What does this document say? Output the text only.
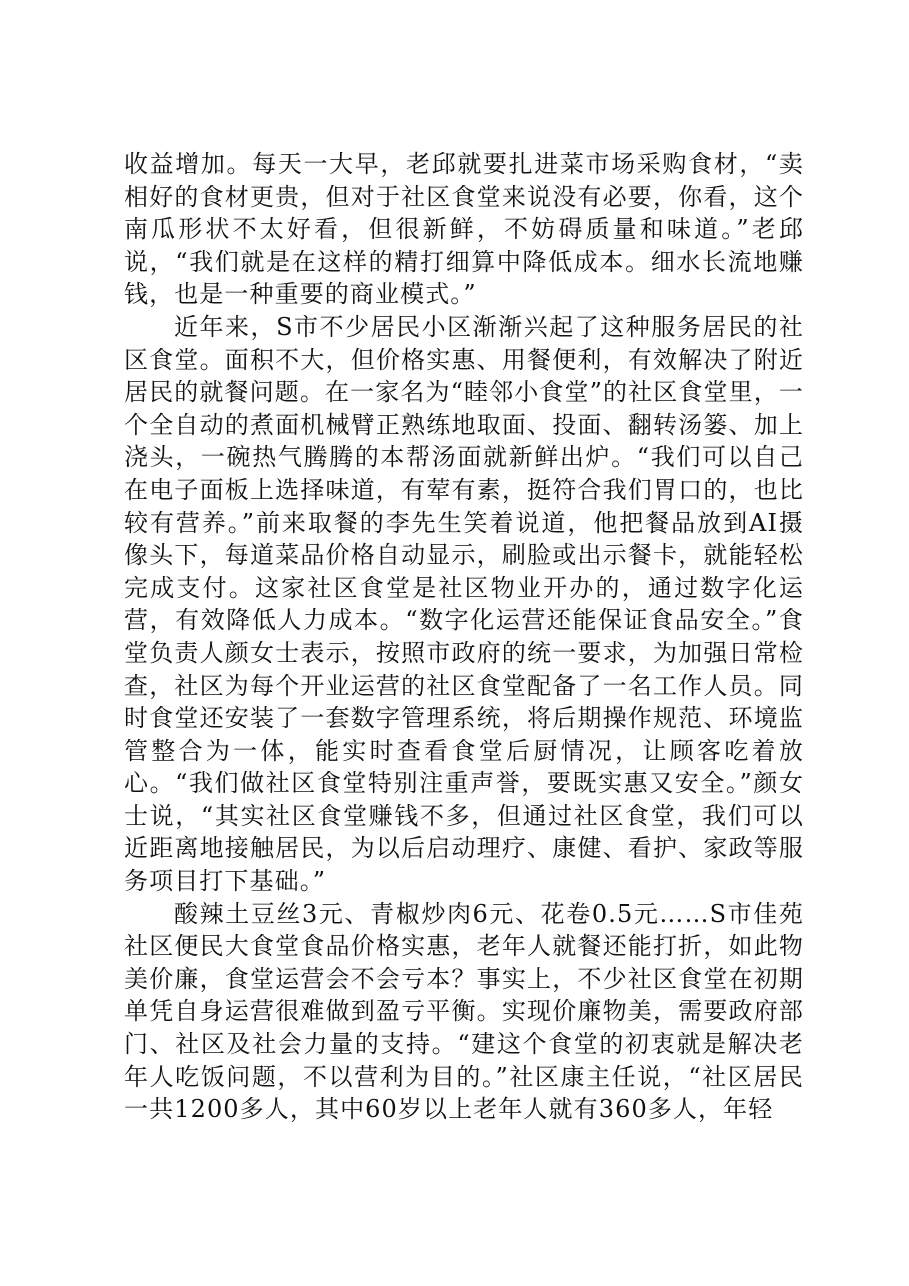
收益增加。每天一大早，老邱就要扎进菜市场采购食材，“卖相好的食材更贵，但对于社区食堂来说没有必要，你看，这个南瓜形状不太好看，但很新鲜，不妨碍质量和味道。”老邱说，“我们就是在这样的精打细算中降低成本。细水长流地赚钱，也是一种重要的商业模式。”

近年来，S市不少居民小区渐渐兴起了这种服务居民的社区食堂。面积不大，但价格实惠、用餐便利，有效解决了附近居民的就餐问题。在一家名为“睦邻小食堂”的社区食堂里，一个全自动的煮面机械臂正熟练地取面、投面、翻转汤篓、加上浇头，一碗热气腾腾的本帮汤面就新鲜出炉。“我们可以自己在电子面板上选择味道，有荤有素，挺符合我们胃口的，也比较有营养。”前来取餐的李先生笑着说道，他把餐品放到AI摄像头下，每道菜品价格自动显示，刷脸或出示餐卡，就能轻松完成支付。这家社区食堂是社区物业开办的，通过数字化运营，有效降低人力成本。“数字化运营还能保证食品安全。”食堂负责人颜女士表示，按照市政府的统一要求，为加强日常检查，社区为每个开业运营的社区食堂配备了一名工作人员。同时食堂还安装了一套数字管理系统，将后期操作规范、环境监管整合为一体，能实时查看食堂后厨情况，让顾客吃着放心。“我们做社区食堂特别注重声誉，要既实惠又安全。”颜女士说，“其实社区食堂赚钱不多，但通过社区食堂，我们可以近距离地接触居民，为以后启动理疗、康健、看护、家政等服务项目打下基础。”

酸辣土豆丝3元、青椒炒肉6元、花卷0.5元……S市佳苑社区便民大食堂食品价格实惠，老年人就餐还能打折，如此物美价廉，食堂运营会不会亏本？事实上，不少社区食堂在初期单凭自身运营很难做到盈亏平衡。实现价廉物美，需要政府部门、社区及社会力量的支持。“建这个食堂的初衷就是解决老年人吃饭问题，不以营利为目的。”社区康主任说，“社区居民一共1200多人，其中60岁以上老年人就有360多人，年轻
